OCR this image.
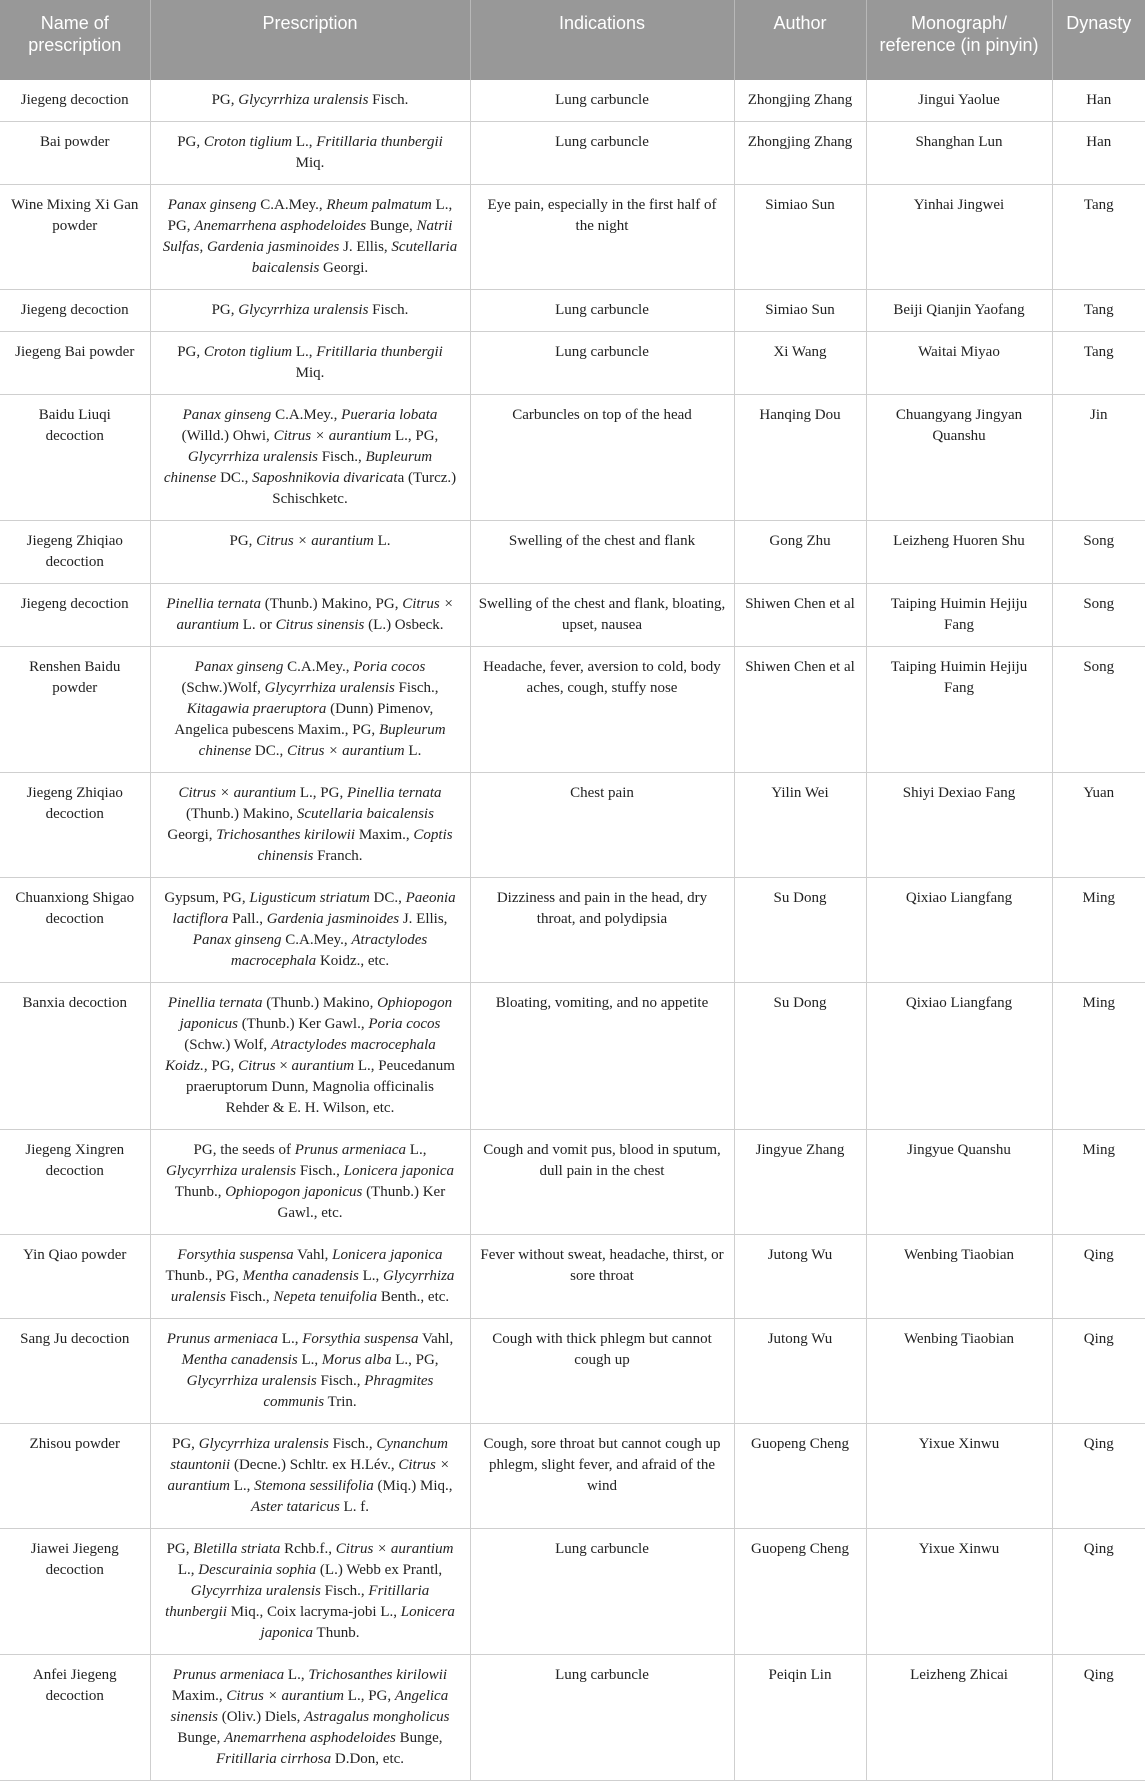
Name of prescription	Prescription	Indications	Author	Monograph/ reference (in pinyin)	Dynasty
Jiegeng decoction	PG, Glycyrrhiza uralensis Fisch.	Lung carbuncle	Zhongjing Zhang	Jingui Yaolue	Han
Bai powder	PG, Croton tiglium L., Fritillaria thunbergii Miq.	Lung carbuncle	Zhongjing Zhang	Shanghan Lun	Han
Wine Mixing Xi Gan powder	Panax ginseng C.A.Mey., Rheum palmatum L., PG, Anemarrhena asphodeloides Bunge, Natrii Sulfas, Gardenia jasminoides J. Ellis, Scutellaria baicalensis Georgi.	Eye pain, especially in the first half of the night	Simiao Sun	Yinhai Jingwei	Tang
Jiegeng decoction	PG, Glycyrrhiza uralensis Fisch.	Lung carbuncle	Simiao Sun	Beiji Qianjin Yaofang	Tang
Jiegeng Bai powder	PG, Croton tiglium L., Fritillaria thunbergii Miq.	Lung carbuncle	Xi Wang	Waitai Miyao	Tang
Baidu Liuqi decoction	Panax ginseng C.A.Mey., Pueraria lobata (Willd.) Ohwi, Citrus × aurantium L., PG, Glycyrrhiza uralensis Fisch., Bupleurum chinense DC., Saposhnikovia divaricata (Turcz.) Schischketc.	Carbuncles on top of the head	Hanqing Dou	Chuangyang Jingyan Quanshu	Jin
Jiegeng Zhiqiao decoction	PG, Citrus × aurantium L.	Swelling of the chest and flank	Gong Zhu	Leizheng Huoren Shu	Song
Jiegeng decoction	Pinellia ternata (Thunb.) Makino, PG, Citrus × aurantium L. or Citrus sinensis (L.) Osbeck.	Swelling of the chest and flank, bloating, upset, nausea	Shiwen Chen et al	Taiping Huimin Hejiju Fang	Song
Renshen Baidu powder	Panax ginseng C.A.Mey., Poria cocos (Schw.)Wolf, Glycyrrhiza uralensis Fisch., Kitagawia praeruptora (Dunn) Pimenov, Angelica pubescens Maxim., PG, Bupleurum chinense DC., Citrus × aurantium L.	Headache, fever, aversion to cold, body aches, cough, stuffy nose	Shiwen Chen et al	Taiping Huimin Hejiju Fang	Song
Jiegeng Zhiqiao decoction	Citrus × aurantium L., PG, Pinellia ternata (Thunb.) Makino, Scutellaria baicalensis Georgi, Trichosanthes kirilowii Maxim., Coptis chinensis Franch.	Chest pain	Yilin Wei	Shiyi Dexiao Fang	Yuan
Chuanxiong Shigao decoction	Gypsum, PG, Ligusticum striatum DC., Paeonia lactiflora Pall., Gardenia jasminoides J. Ellis, Panax ginseng C.A.Mey., Atractylodes macrocephala Koidz., etc.	Dizziness and pain in the head, dry throat, and polydipsia	Su Dong	Qixiao Liangfang	Ming
Banxia decoction	Pinellia ternata (Thunb.) Makino, Ophiopogon japonicus (Thunb.) Ker Gawl., Poria cocos (Schw.) Wolf, Atractylodes macrocephala Koidz., PG, Citrus × aurantium L., Peucedanum praeruptorum Dunn, Magnolia officinalis Rehder & E. H. Wilson, etc.	Bloating, vomiting, and no appetite	Su Dong	Qixiao Liangfang	Ming
Jiegeng Xingren decoction	PG, the seeds of Prunus armeniaca L., Glycyrrhiza uralensis Fisch., Lonicera japonica Thunb., Ophiopogon japonicus (Thunb.) Ker Gawl., etc.	Cough and vomit pus, blood in sputum, dull pain in the chest	Jingyue Zhang	Jingyue Quanshu	Ming
Yin Qiao powder	Forsythia suspensa Vahl, Lonicera japonica Thunb., PG, Mentha canadensis L., Glycyrrhiza uralensis Fisch., Nepeta tenuifolia Benth., etc.	Fever without sweat, headache, thirst, or sore throat	Jutong Wu	Wenbing Tiaobian	Qing
Sang Ju decoction	Prunus armeniaca L., Forsythia suspensa Vahl, Mentha canadensis L., Morus alba L., PG, Glycyrrhiza uralensis Fisch., Phragmites communis Trin.	Cough with thick phlegm but cannot cough up	Jutong Wu	Wenbing Tiaobian	Qing
Zhisou powder	PG, Glycyrrhiza uralensis Fisch., Cynanchum stauntonii (Decne.) Schltr. ex H.Lév., Citrus × aurantium L., Stemona sessilifolia (Miq.) Miq., Aster tataricus L. f.	Cough, sore throat but cannot cough up phlegm, slight fever, and afraid of the wind	Guopeng Cheng	Yixue Xinwu	Qing
Jiawei Jiegeng decoction	PG, Bletilla striata Rchb.f., Citrus × aurantium L., Descurainia sophia (L.) Webb ex Prantl, Glycyrrhiza uralensis Fisch., Fritillaria thunbergii Miq., Coix lacryma-jobi L., Lonicera japonica Thunb.	Lung carbuncle	Guopeng Cheng	Yixue Xinwu	Qing
Anfei Jiegeng decoction	Prunus armeniaca L., Trichosanthes kirilowii Maxim., Citrus × aurantium L., PG, Angelica sinensis (Oliv.) Diels, Astragalus mongholicus Bunge, Anemarrhena asphodeloides Bunge, Fritillaria cirrhosa D.Don, etc.	Lung carbuncle	Peiqin Lin	Leizheng Zhicai	Qing
